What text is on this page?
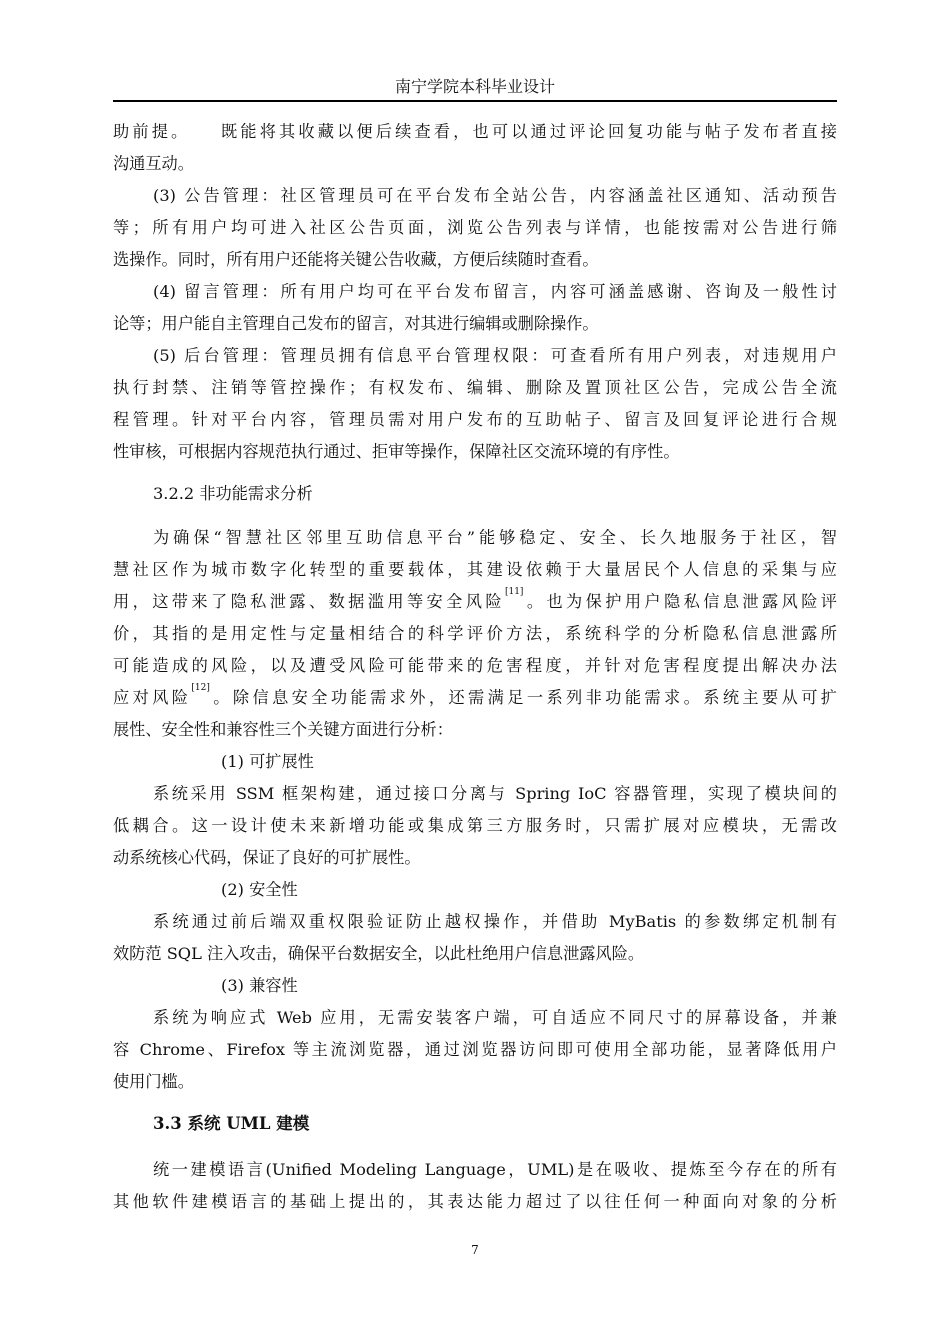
南宁学院本科毕业设计
助前提。　　既能将其收藏以便后续查看，也可以通过评论回复功能与帖子发布者直接
沟通互动。
(3) 公告管理：社区管理员可在平台发布全站公告，内容涵盖社区通知、活动预告
等；所有用户均可进入社区公告页面，浏览公告列表与详情，也能按需对公告进行筛
选操作。同时，所有用户还能将关键公告收藏，方便后续随时查看。
(4) 留言管理：所有用户均可在平台发布留言，内容可涵盖感谢、咨询及一般性讨
论等；用户能自主管理自己发布的留言，对其进行编辑或删除操作。
(5) 后台管理：管理员拥有信息平台管理权限：可查看所有用户列表，对违规用户
执行封禁、注销等管控操作；有权发布、编辑、删除及置顶社区公告，完成公告全流
程管理。针对平台内容，管理员需对用户发布的互助帖子、留言及回复评论进行合规
性审核，可根据内容规范执行通过、拒审等操作，保障社区交流环境的有序性。
3.2.2 非功能需求分析
为确保“智慧社区邻里互助信息平台”能够稳定、安全、长久地服务于社区，智
慧社区作为城市数字化转型的重要载体，其建设依赖于大量居民个人信息的采集与应
用，这带来了隐私泄露、数据滥用等安全风险[11]。也为保护用户隐私信息泄露风险评
价，其指的是用定性与定量相结合的科学评价方法，系统科学的分析隐私信息泄露所
可能造成的风险，以及遭受风险可能带来的危害程度，并针对危害程度提出解决办法
应对风险[12]。除信息安全功能需求外，还需满足一系列非功能需求。系统主要从可扩
展性、安全性和兼容性三个关键方面进行分析：
(1) 可扩展性
系统采用 SSM 框架构建，通过接口分离与 Spring IoC 容器管理，实现了模块间的
低耦合。这一设计使未来新增功能或集成第三方服务时，只需扩展对应模块，无需改
动系统核心代码，保证了良好的可扩展性。
(2) 安全性
系统通过前后端双重权限验证防止越权操作，并借助 MyBatis 的参数绑定机制有
效防范 SQL 注入攻击，确保平台数据安全，以此杜绝用户信息泄露风险。
(3) 兼容性
系统为响应式 Web 应用，无需安装客户端，可自适应不同尺寸的屏幕设备，并兼
容 Chrome、Firefox 等主流浏览器，通过浏览器访问即可使用全部功能，显著降低用户
使用门槛。
3.3 系统 UML 建模
统一建模语言(Unified Modeling Language，UML)是在吸收、提炼至今存在的所有
其他软件建模语言的基础上提出的，其表达能力超过了以往任何一种面向对象的分析
7
